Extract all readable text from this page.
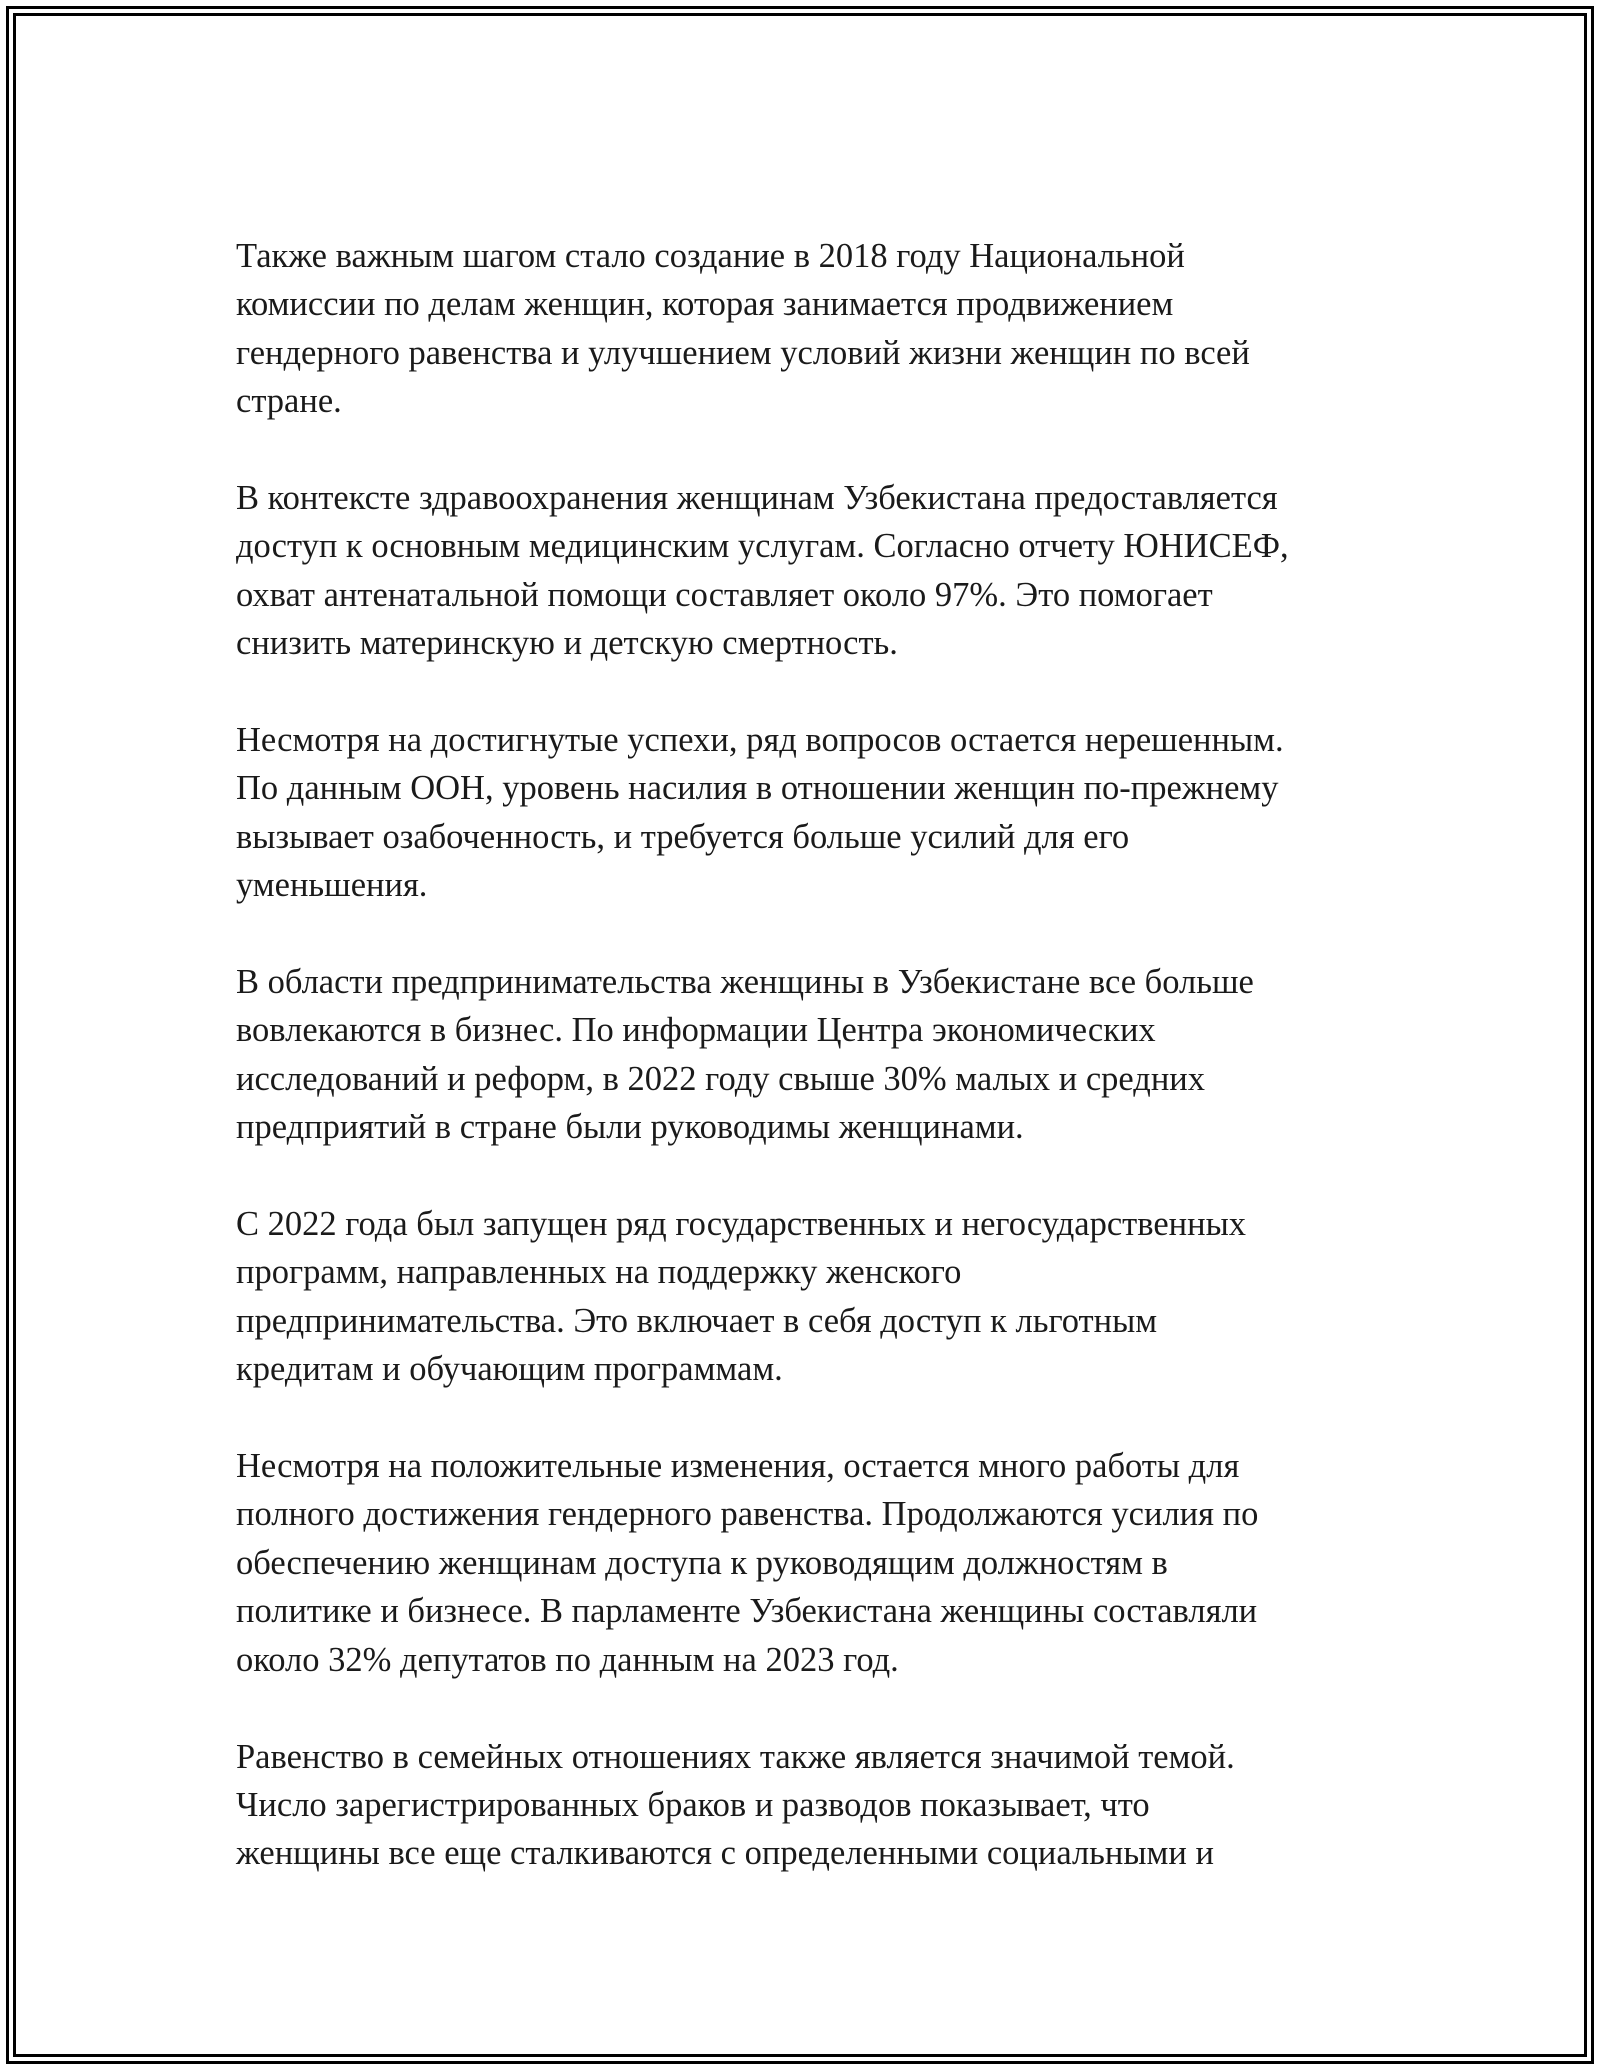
Также важным шагом стало создание в 2018 году Национальной
комиссии по делам женщин, которая занимается продвижением
гендерного равенства и улучшением условий жизни женщин по всей
стране.

В контексте здравоохранения женщинам Узбекистана предоставляется
доступ к основным медицинским услугам. Согласно отчету ЮНИСЕФ,
охват антенатальной помощи составляет около 97%. Это помогает
снизить материнскую и детскую смертность.

Несмотря на достигнутые успехи, ряд вопросов остается нерешенным.
По данным ООН, уровень насилия в отношении женщин по-прежнему
вызывает озабоченность, и требуется больше усилий для его
уменьшения.

В области предпринимательства женщины в Узбекистане все больше
вовлекаются в бизнес. По информации Центра экономических
исследований и реформ, в 2022 году свыше 30% малых и средних
предприятий в стране были руководимы женщинами.

С 2022 года был запущен ряд государственных и негосударственных
программ, направленных на поддержку женского
предпринимательства. Это включает в себя доступ к льготным
кредитам и обучающим программам.

Несмотря на положительные изменения, остается много работы для
полного достижения гендерного равенства. Продолжаются усилия по
обеспечению женщинам доступа к руководящим должностям в
политике и бизнесе. В парламенте Узбекистана женщины составляли
около 32% депутатов по данным на 2023 год.

Равенство в семейных отношениях также является значимой темой.
Число зарегистрированных браков и разводов показывает, что
женщины все еще сталкиваются с определенными социальными и
